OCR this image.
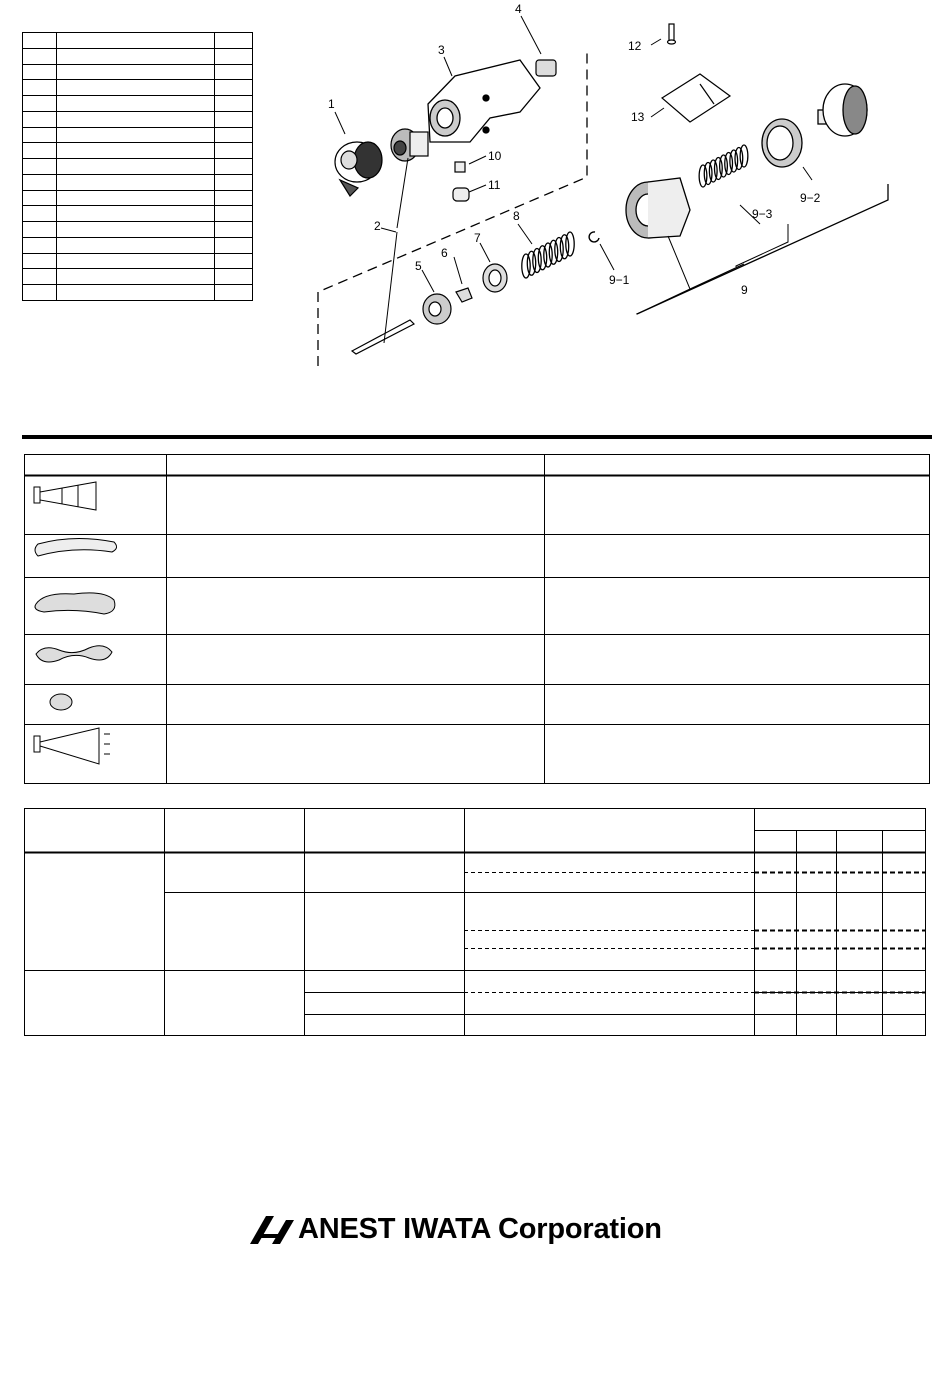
1
2
3
4
5
6
7
8
9
9−1
9−2
9−3
10
11
12
13
ANEST IWATA Corporation
